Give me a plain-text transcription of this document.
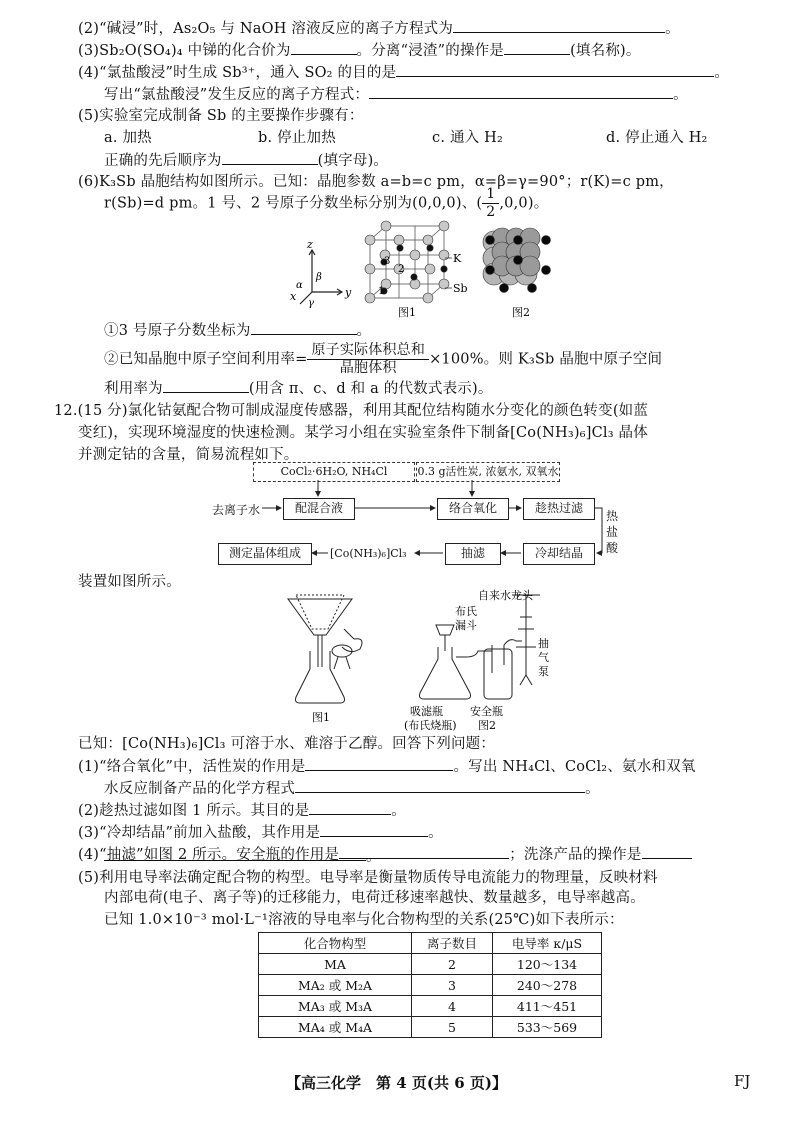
(2)“碱浸”时，As₂O₅ 与 NaOH 溶液反应的离子方程式为	。
(3)Sb₂O(SO₄)₄ 中锑的化合价为	。分离“浸渣”的操作是	(填名称)。
(4)“氯盐酸浸”时生成 Sb³⁺，通入 SO₂ 的目的是	。
写出“氯盐酸浸”发生反应的离子方程式：	。
(5)实验室完成制备 Sb 的主要操作步骤有：
a. 加热	b. 停止加热	c. 通入 H₂	d. 停止通入 H₂
正确的先后顺序为	(填字母)。
(6)K₃Sb 晶胞结构如图所示。已知：晶胞参数 a=b=c pm，α=β=γ=90°；r(K)=c pm，
r(Sb)=d pm。1 号、2 号原子分数坐标分别为(0,0,0)、( $\frac{1}{2} ,0,0$)。
z
y
x
α
β
γ
1
2
3	K
Sb
图1	图2
①3 号原子分数坐标为	。
②已知晶胞中原子空间利用率= $\frac{\text{原子实际体积总和}}{\text{晶胞体积}} \times 100\%$。则 K₃Sb 晶胞中原子空间
利用率为	(用含 π、c、d 和 a 的代数式表示)。
12.(15 分)氯化钴氨配合物可制成湿度传感器，利用其配位结构随水分变化的颜色转变(如蓝
变红)，实现环境湿度的快速检测。某学习小组在实验室条件下制备[Co(NH₃)₆]Cl₃ 晶体
并测定钴的含量，简易流程如下。
CoCl₂·6H₂O, NH₄Cl	0.3 g活性炭, 浓氨水, 双氧水
去离子水	配混合液	络合氧化	趁热过滤
热盐酸
冷却结晶
抽滤
[Co(NH₃)₆]Cl₃
测定晶体组成
装置如图所示。
图1
自来水龙头
布氏
漏斗
抽
气
泵
吸滤瓶
(布氏烧瓶)
安全瓶
图2
已知：[Co(NH₃)₆]Cl₃ 可溶于水、难溶于乙醇。回答下列问题：
(1)“络合氧化”中，活性炭的作用是	。写出 NH₄Cl、CoCl₂、氨水和双氧
水反应制备产品的化学方程式	。
(2)趁热过滤如图 1 所示。其目的是	。
(3)“冷却结晶”前加入盐酸，其作用是	。
(4)“抽滤”如图 2 所示。安全瓶的作用是	；洗涤产品的操作是
。
(5)利用电导率法确定配合物的构型。电导率是衡量物质传导电流能力的物理量，反映材料
内部电荷(电子、离子等)的迁移能力，电荷迁移速率越快、数量越多，电导率越高。
已知 1.0×10⁻³ mol·L⁻¹溶液的导电率与化合物构型的关系(25℃)如下表所示：
化合物构型	离子数目	电导率 κ/μS
MA	2	120～134
MA₂ 或 M₂A	3	240～278
MA₃ 或 M₃A	4	411～451
MA₄ 或 M₄A	5	533～569
【高三化学　第 4 页(共 6 页)】	FJ
